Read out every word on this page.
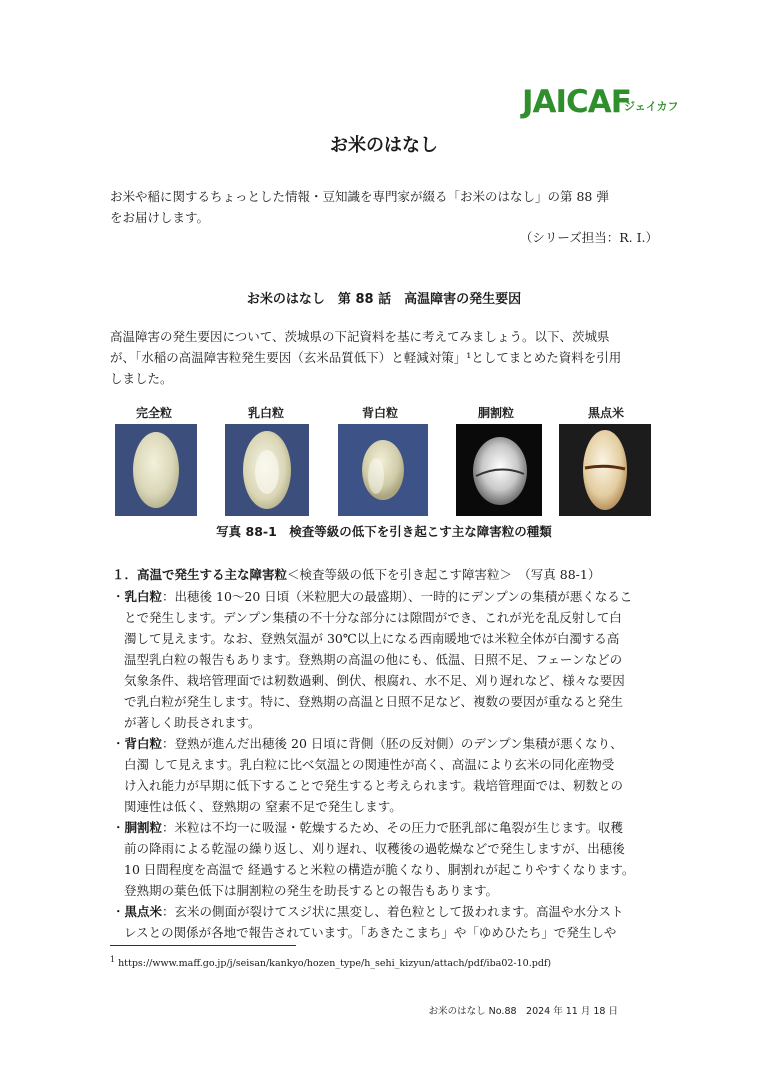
JAICAF
ジェイカフ
お米のはなし
お米や稲に関するちょっとした情報・豆知識を専門家が綴る「お米のはなし」の第 88 弾
をお届けします。
（シリーズ担当：R. I.）
お米のはなし　第 88 話　高温障害の発生要因
高温障害の発生要因について、茨城県の下記資料を基に考えてみましょう。以下、茨城県
が、「水稲の高温障害粒発生要因（玄米品質低下）と軽減対策」¹としてまとめた資料を引用
しました。
完全粒	乳白粒	背白粒	胴割粒	黒点米
写真 88-1　検査等級の低下を引き起こす主な障害粒の種類
１．高温で発生する主な障害粒＜検査等級の低下を引き起こす障害粒＞　（写真 88-1）
・乳白粒：出穂後 10〜20 日頃（米粒肥大の最盛期）、一時的にデンプンの集積が悪くなるこ
とで発生します。デンプン集積の不十分な部分には隙間ができ、これが光を乱反射して白
濁して見えます。なお、登熟気温が 30℃以上になる西南暖地では米粒全体が白濁する高
温型乳白粒の報告もあります。登熟期の高温の他にも、低温、日照不足、フェーンなどの
気象条件、栽培管理面では籾数過剰、倒伏、根腐れ、水不足、刈り遅れなど、様々な要因
で乳白粒が発生します。特に、登熟期の高温と日照不足など、複数の要因が重なると発生
が著しく助長されます。
・背白粒：登熟が進んだ出穂後 20 日頃に背側（胚の反対側）のデンプン集積が悪くなり、
白濁 して見えます。乳白粒に比べ気温との関連性が高く、高温により玄米の同化産物受
け入れ能力が早期に低下することで発生すると考えられます。栽培管理面では、籾数との
関連性は低く、登熟期の 窒素不足で発生します。
・胴割粒：米粒は不均一に吸湿・乾燥するため、その圧力で胚乳部に亀裂が生じます。収穫
前の降雨による乾湿の繰り返し、刈り遅れ、収穫後の過乾燥などで発生しますが、出穂後
10 日間程度を高温で 経過すると米粒の構造が脆くなり、胴割れが起こりやすくなります。
登熟期の葉色低下は胴割粒の発生を助長するとの報告もあります。
・黒点米：玄米の側面が裂けてスジ状に黒変し、着色粒として扱われます。高温や水分スト
レスとの関係が各地で報告されています。「あきたこまち」や「ゆめひたち」で発生しや
$^1$ https://www.maff.go.jp/j/seisan/kankyo/hozen_type/h_sehi_kizyun/attach/pdf/iba02-10.pdf)
お米のはなし No.88　2024 年 11 月 18 日
